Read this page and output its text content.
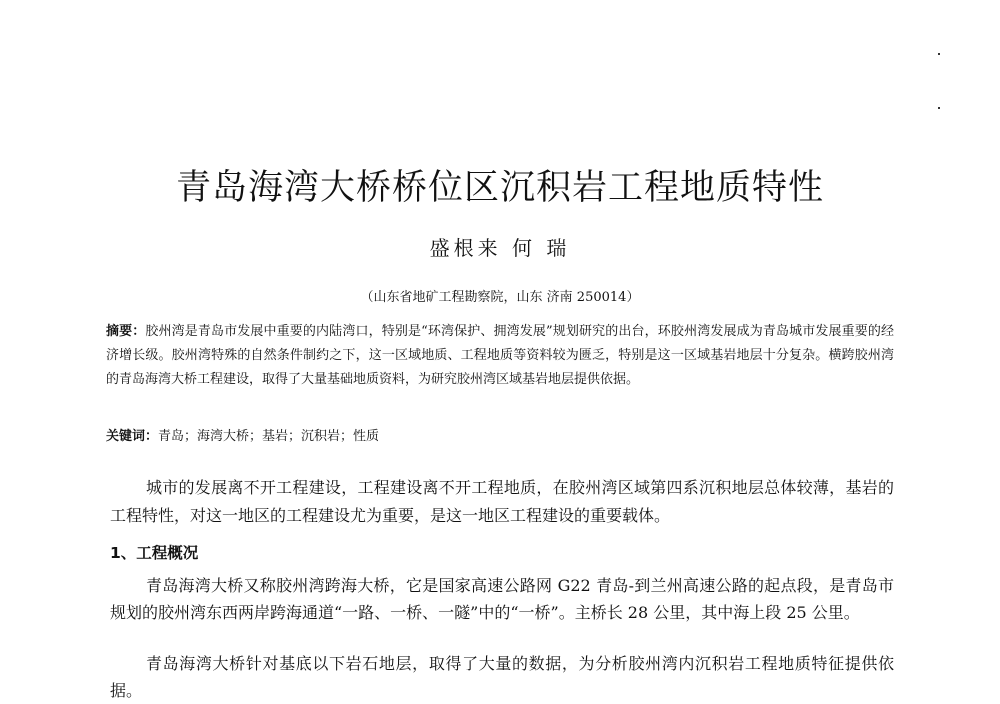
青岛海湾大桥桥位区沉积岩工程地质特性
盛根来 何 瑞
（山东省地矿工程勘察院，山东 济南 250014）
摘要：胶州湾是青岛市发展中重要的内陆湾口，特别是“环湾保护、拥湾发展”规划研究的出台，环胶州湾发展成为青岛城市发展重要的经济增长级。胶州湾特殊的自然条件制约之下，这一区域地质、工程地质等资料较为匮乏，特别是这一区域基岩地层十分复杂。横跨胶州湾的青岛海湾大桥工程建设，取得了大量基础地质资料，为研究胶州湾区域基岩地层提供依据。
关键词：青岛；海湾大桥；基岩；沉积岩；性质
城市的发展离不开工程建设，工程建设离不开工程地质，在胶州湾区域第四系沉积地层总体较薄，基岩的工程特性，对这一地区的工程建设尤为重要，是这一地区工程建设的重要载体。
1、工程概况
青岛海湾大桥又称胶州湾跨海大桥，它是国家高速公路网 G22 青岛-到兰州高速公路的起点段，是青岛市规划的胶州湾东西两岸跨海通道“一路、一桥、一隧”中的“一桥”。主桥长 28 公里，其中海上段 25 公里。
青岛海湾大桥针对基底以下岩石地层，取得了大量的数据，为分析胶州湾内沉积岩工程地质特征提供依据。
